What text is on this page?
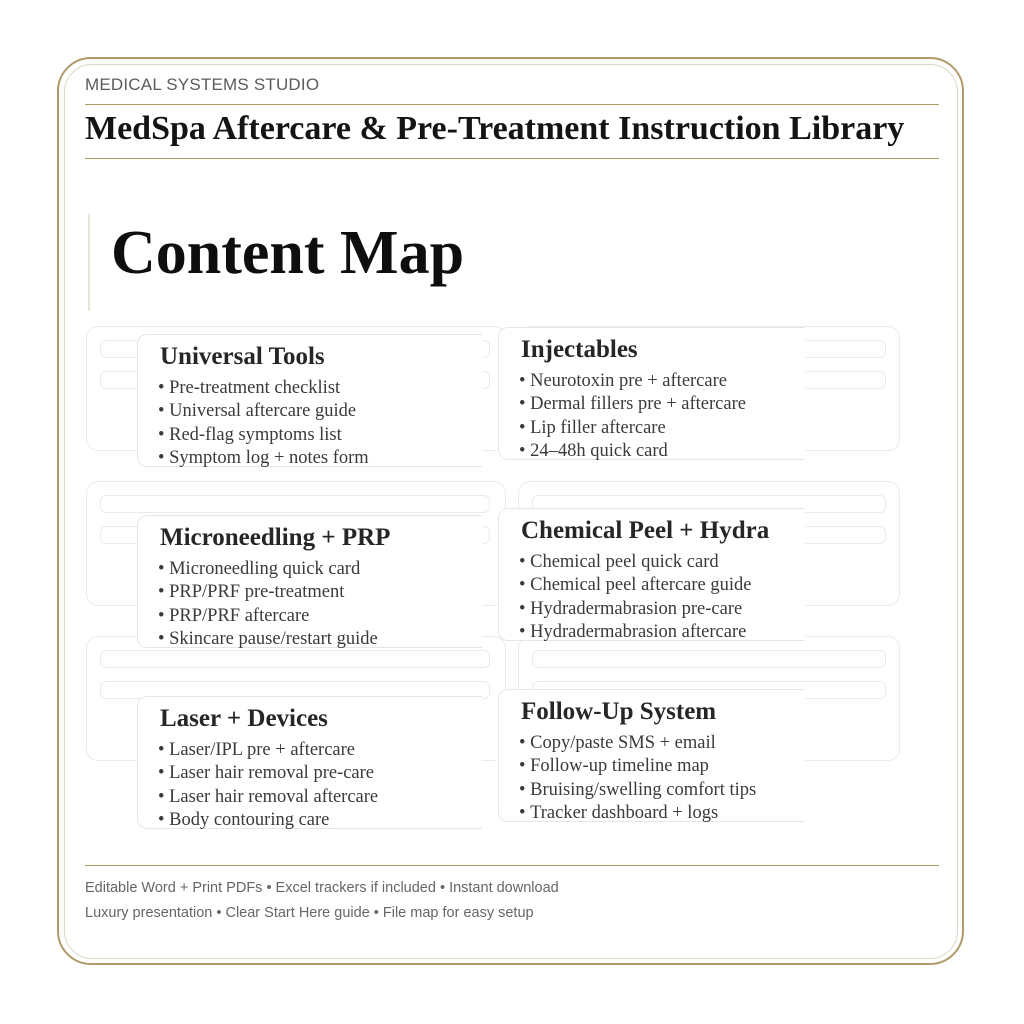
MEDICAL SYSTEMS STUDIO
MedSpa Aftercare & Pre-Treatment Instruction Library
Content Map
Universal Tools
• Pre-treatment checklist
• Universal aftercare guide
• Red-flag symptoms list
• Symptom log + notes form
Injectables
• Neurotoxin pre + aftercare
• Dermal fillers pre + aftercare
• Lip filler aftercare
• 24–48h quick card
Microneedling + PRP
• Microneedling quick card
• PRP/PRF pre-treatment
• PRP/PRF aftercare
• Skincare pause/restart guide
Chemical Peel + Hydra
• Chemical peel quick card
• Chemical peel aftercare guide
• Hydradermabrasion pre-care
• Hydradermabrasion aftercare
Laser + Devices
• Laser/IPL pre + aftercare
• Laser hair removal pre-care
• Laser hair removal aftercare
• Body contouring care
Follow-Up System
• Copy/paste SMS + email
• Follow-up timeline map
• Bruising/swelling comfort tips
• Tracker dashboard + logs
Editable Word + Print PDFs • Excel trackers if included • Instant download
Luxury presentation • Clear Start Here guide • File map for easy setup
